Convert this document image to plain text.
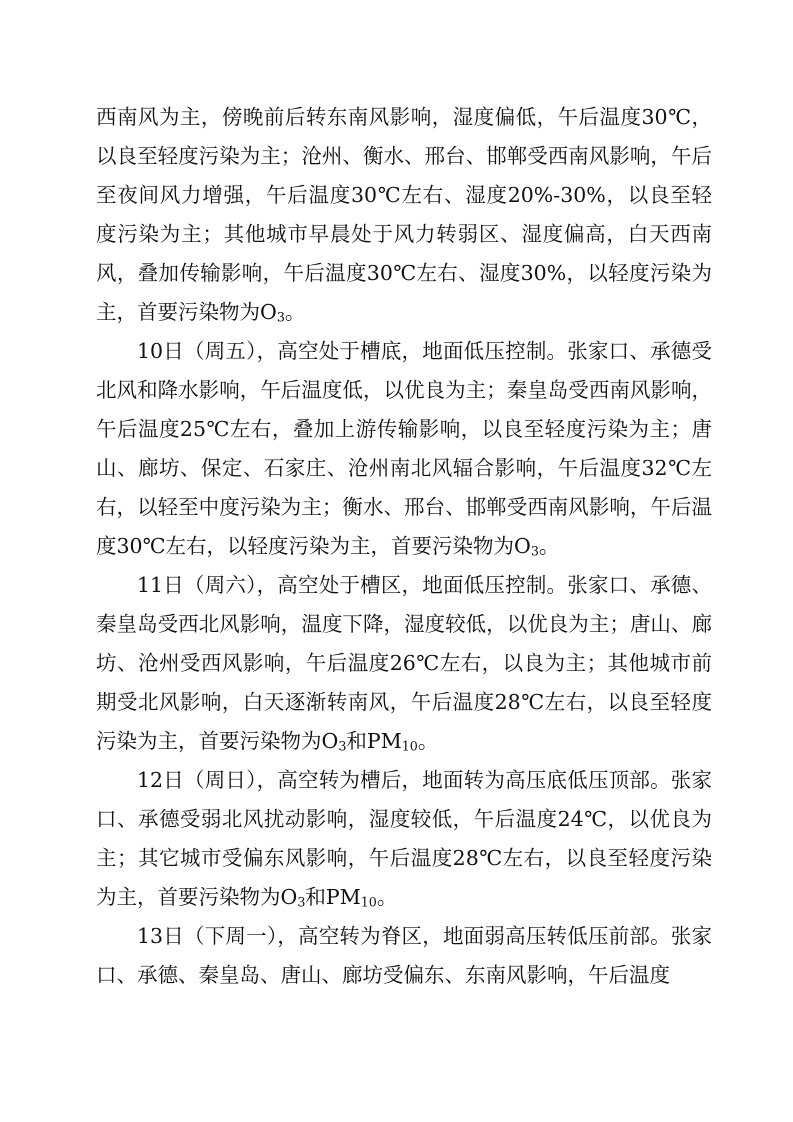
西南风为主，傍晚前后转东南风影响，湿度偏低，午后温度30℃，以良至轻度污染为主；沧州、衡水、邢台、邯郸受西南风影响，午后至夜间风力增强，午后温度30℃左右、湿度20%-30%，以良至轻度污染为主；其他城市早晨处于风力转弱区、湿度偏高，白天西南风，叠加传输影响，午后温度30℃左右、湿度30%，以轻度污染为主，首要污染物为$O_3$。

10日（周五），高空处于槽底，地面低压控制。张家口、承德受北风和降水影响，午后温度低，以优良为主；秦皇岛受西南风影响，午后温度25℃左右，叠加上游传输影响，以良至轻度污染为主；唐山、廊坊、保定、石家庄、沧州南北风辐合影响，午后温度32℃左右，以轻至中度污染为主；衡水、邢台、邯郸受西南风影响，午后温度30℃左右，以轻度污染为主，首要污染物为$O_3$。

11日（周六），高空处于槽区，地面低压控制。张家口、承德、秦皇岛受西北风影响，温度下降，湿度较低，以优良为主；唐山、廊坊、沧州受西风影响，午后温度26℃左右，以良为主；其他城市前期受北风影响，白天逐渐转南风，午后温度28℃左右，以良至轻度污染为主，首要污染物为$O_3$和$PM_{10}$。

12日（周日），高空转为槽后，地面转为高压底低压顶部。张家口、承德受弱北风扰动影响，湿度较低，午后温度24℃，以优良为主；其它城市受偏东风影响，午后温度28℃左右，以良至轻度污染为主，首要污染物为$O_3$和$PM_{10}$。

13日（下周一），高空转为脊区，地面弱高压转低压前部。张家口、承德、秦皇岛、唐山、廊坊受偏东、东南风影响，午后温度
